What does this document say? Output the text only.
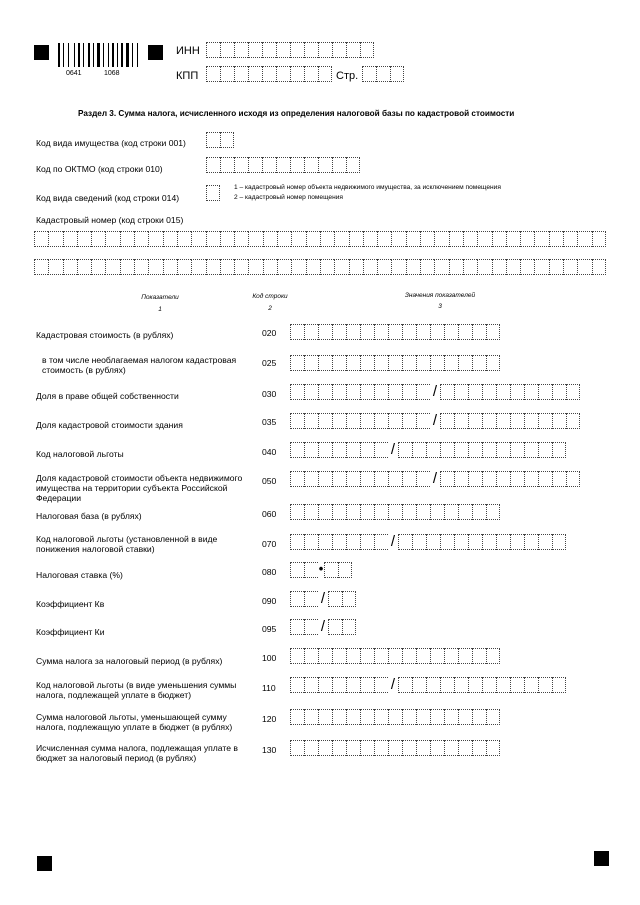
0641	1068
ИНН
КПП	Стр.
Раздел 3. Сумма налога, исчисленного исходя из определения налоговой базы по кадастровой стоимости
Код вида имущества (код строки 001)
Код по ОКТМО (код строки 010)
Код вида сведений (код строки 014)
1 – кадастровый номер объекта недвижимого имущества, за исключением помещения
2 – кадастровый номер помещения
Кадастровый номер (код строки 015)
Показатели
1
Код строки
2
Значения показателей
3
Кадастровая стоимость (в рублях)	020
в том числе необлагаемая налогом кадастровая стоимость (в рублях)
025
Доля в праве общей собственности	030	/
Доля кадастровой стоимости здания	035	/
Код налоговой льготы	040	/
Доля кадастровой стоимости объекта недвижимого имущества на территории субъекта Российской Федерации
050	/
Налоговая база (в рублях)	060
Код налоговой льготы (установленной в виде понижения налоговой ставки)	070	/
Налоговая ставка (%)	080	•
Коэффициент Кв	090	/
Коэффициент Ки	095	/
Сумма налога за налоговый период (в рублях)	100
Код налоговой льготы (в виде уменьшения суммы налога, подлежащей уплате в бюджет)
110	/
Сумма налоговой льготы, уменьшающей сумму налога, подлежащую уплате в бюджет (в рублях)
120
Исчисленная сумма налога, подлежащая уплате в бюджет за налоговый период (в рублях)
130
